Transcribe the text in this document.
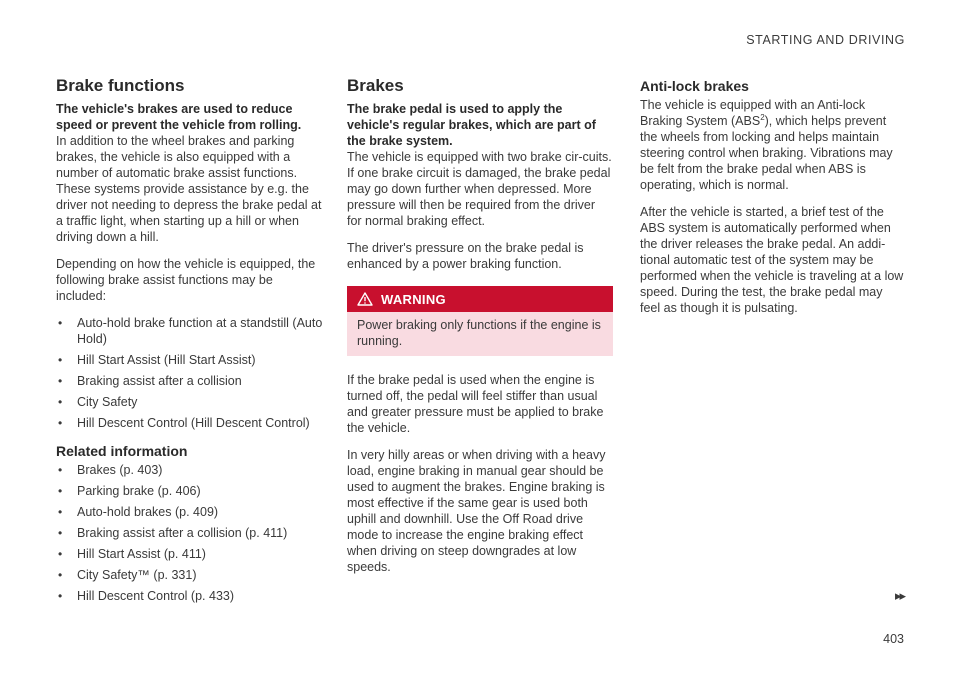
STARTING AND DRIVING
Brake functions

The vehicle's brakes are used to reduce speed or prevent the vehicle from rolling.

In addition to the wheel brakes and parking brakes, the vehicle is also equipped with a number of automatic brake assist functions. These systems provide assistance by e.g. the driver not needing to depress the brake pedal at a traffic light, when starting up a hill or when driving down a hill.

Depending on how the vehicle is equipped, the following brake assist functions may be included:

• Auto-hold brake function at a standstill (Auto Hold)
• Hill Start Assist (Hill Start Assist)
• Braking assist after a collision
• City Safety
• Hill Descent Control (Hill Descent Control)
Related information
• Brakes (p. 403)
• Parking brake (p. 406)
• Auto-hold brakes (p. 409)
• Braking assist after a collision (p. 411)
• Hill Start Assist (p. 411)
• City Safety™ (p. 331)
• Hill Descent Control (p. 433)
Brakes

The brake pedal is used to apply the vehicle's regular brakes, which are part of the brake system.

The vehicle is equipped with two brake cir-cuits. If one brake circuit is damaged, the brake pedal may go down further when depressed. More pressure will then be required from the driver for normal braking effect.

The driver's pressure on the brake pedal is enhanced by a power braking function.

WARNING
Power braking only functions if the engine is running.

If the brake pedal is used when the engine is turned off, the pedal will feel stiffer than usual and greater pressure must be applied to brake the vehicle.

In very hilly areas or when driving with a heavy load, engine braking in manual gear should be used to augment the brakes. Engine braking is most effective if the same gear is used both uphill and downhill. Use the Off Road drive mode to increase the engine braking effect when driving on steep downgrades at low speeds.

Anti-lock brakes

The vehicle is equipped with an Anti-lock Braking System (ABS$^2$), which helps prevent the wheels from locking and helps maintain steering control when braking. Vibrations may be felt from the brake pedal when ABS is operating, which is normal.

After the vehicle is started, a brief test of the ABS system is automatically performed when the driver releases the brake pedal. An addi-tional automatic test of the system may be performed when the vehicle is traveling at a low speed. During the test, the brake pedal may feel as though it is pulsating.

▸▸
403
